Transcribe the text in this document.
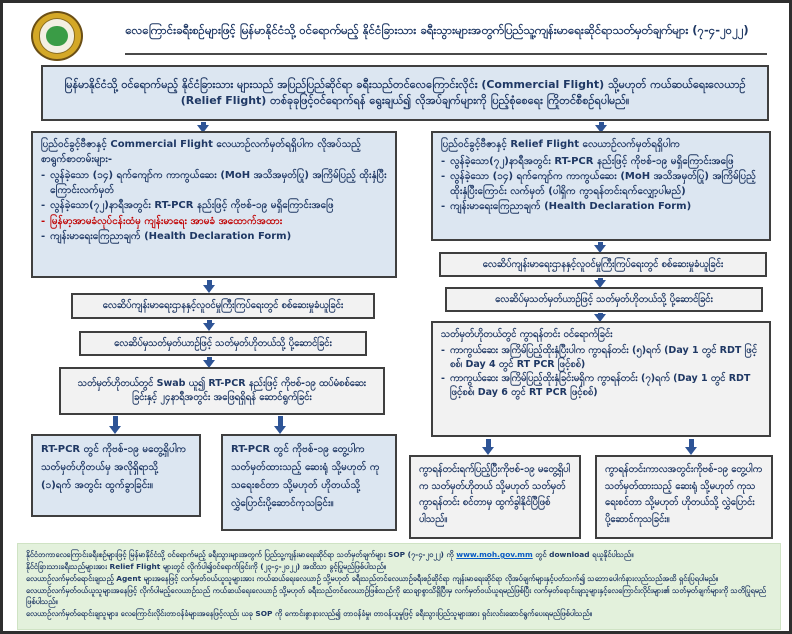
လေကြောင်းခရီးစဉ်များဖြင့် မြန်မာနိုင်ငံသို့ ဝင်ရောက်မည့် နိုင်ငံခြားသား ခရီးသွားများအတွက်ပြည်သူ့ကျန်းမာရေးဆိုင်ရာသတ်မှတ်ချက်များ (၇-၄-၂၀၂၂)
မြန်မာနိုင်ငံသို့ ဝင်ရောက်မည့် နိုင်ငံခြားသား များသည် အပြည်ပြည်ဆိုင်ရာ ခရီးသည်တင်လေကြောင်းလိုင်း (Commercial Flight) သို့မဟုတ် ကယ်ဆယ်ရေးလေယာဉ် (Relief Flight) တစ်ခုခုဖြင့်ဝင်ရောက်ရန် ရွေးချယ်၍ လိုအပ်ချက်များကို ပြည့်စုံစေရေး ကြိုတင်စီစဉ်ရပါမည်။
ပြည်ဝင်ခွင့်ဗီဇာနှင့် Commercial Flight လေယာဉ်လက်မှတ်ရရှိပါက လိုအပ်သည့် စာရွက်စာတမ်းများ-
- လွန်ခဲ့သော (၁၄) ရက်ကျော်က ကာကွယ်ဆေး (MoH အသိအမှတ်ပြု) အကြိမ်ပြည့် ထိုးနှံပြီးကြောင်းလက်မှတ်
- လွန်ခဲ့သော(၇၂)နာရီအတွင်း RT-PCR နည်းဖြင့် ကိုဗစ်-၁၉ မရှိကြောင်းအဖြေ
- မြန်မာ့အာမခံလုပ်ငန်းထံမှ ကျန်းမာရေး အာမခံ အထောက်အထား
- ကျန်းမာရေးကြေညာချက် (Health Declaration Form)
လေဆိပ်ကျန်းမာရေးဌာနနှင့်လူဝင်မှုကြီးကြပ်ရေးတွင် စစ်ဆေးမှုခံယူခြင်း
လေဆိပ်မှသတ်မှတ်ယာဉ်ဖြင့် သတ်မှတ်ဟိုတယ်သို့ ပို့ဆောင်ခြင်း
သတ်မှတ်ဟိုတယ်တွင် Swab ယူ၍ RT-PCR နည်းဖြင့် ကိုဗစ်-၁၉ ထပ်မံစစ်ဆေးခြင်းနှင့် ၂၄နာရီအတွင်း အဖြေရရှိရန် ဆောင်ရွက်ခြင်း
RT-PCR တွင် ကိုဗစ်-၁၉ မတွေ့ရှိပါက သတ်မှတ်ဟိုတယ်မှ အလိုရှိရာသို့ (၁)ရက် အတွင်း ထွက်ခွာခြင်း။
RT-PCR တွင် ကိုဗစ်-၁၉ တွေ့ပါက သတ်မှတ်ထားသည့် ဆေးရုံ သို့မဟုတ် ကုသရေးစင်တာ သို့မဟုတ် ဟိုတယ်သို့ လွှဲပြောင်းပို့ဆောင်ကုသခြင်း။
ပြည်ဝင်ခွင့်ဗီဇာနှင့် Relief Flight လေယာဉ်လက်မှတ်ရရှိပါက
- လွန်ခဲ့သော(၇၂)နာရီအတွင်း RT-PCR နည်းဖြင့် ကိုဗစ်-၁၉ မရှိကြောင်းအဖြေ
- လွန်ခဲ့သော (၁၄) ရက်ကျော်က ကာကွယ်ဆေး (MoH အသိအမှတ်ပြု) အကြိမ်ပြည့် ထိုးနှံပြီးကြောင်း လက်မှတ် (ပါရှိက ကွာရန်တင်းရက်လျှော့ပါမည်)
- ကျန်းမာရေးကြေညာချက် (Health Declaration Form)
လေဆိပ်ကျန်းမာရေးဌာနနှင့်လူဝင်မှုကြီးကြပ်ရေးတွင် စစ်ဆေးမှုခံယူခြင်း
လေဆိပ်မှသတ်မှတ်ယာဉ်ဖြင့် သတ်မှတ်ဟိုတယ်သို့ ပို့ဆောင်ခြင်း
သတ်မှတ်ဟိုတယ်တွင် ကွာရန်တင်း ဝင်ရောက်ခြင်း
- ကာကွယ်ဆေး အကြိမ်ပြည့်ထိုးနှံပြီးပါက ကွာရန်တင်း (၅)ရက် (Day 1 တွင် RDT ဖြင့်စစ်၊ Day 4 တွင် RT PCR ဖြင့်စစ်)
- ကာကွယ်ဆေး အကြိမ်ပြည့်ထိုးနှံခြင်းမရှိက ကွာရန်တင်း (၇)ရက် (Day 1 တွင် RDT ဖြင့်စစ်၊ Day 6 တွင် RT PCR ဖြင့်စစ်)
ကွာရန်တင်းရက်ပြည့်ပြီးကိုဗစ်-၁၉ မတွေ့ရှိပါက သတ်မှတ်ဟိုတယ် သို့မဟုတ် သတ်မှတ်ကွာရန်တင်း စင်တာမှ ထွက်ခွါနိုင်ပြီဖြစ်ပါသည်။
ကွာရန်တင်းကာလအတွင်းကိုဗစ်-၁၉ တွေ့ပါက သတ်မှတ်ထားသည့် ဆေးရုံ သို့မဟုတ် ကုသရေးစင်တာ သို့မဟုတ် ဟိုတယ်သို့ လွှဲပြောင်းပို့ဆောင်ကုသခြင်း။
နိုင်ငံတကာလေကြောင်းခရီးစဉ်များဖြင့် မြန်မာနိုင်ငံသို့ ဝင်ရောက်မည့် ခရီးသွားများအတွက် ပြည်သူ့ကျန်းမာရေးဆိုင်ရာ သတ်မှတ်ချက်များ SOP (၇-၄-၂၀၂၂) ကို www.moh.gov.mm တွင် download ရယူနိုင်ပါသည်။
နိုင်ငံခြားသားခရီးသည်များအား Relief Flight များတွင် လိုက်ပါ၍ဝင်ရောက်ခြင်းကို (၂၃-၄-၂၀၂၂) အထိသာ ခွင့်ပြုမည်ဖြစ်ပါသည်။
လေယာဉ်လက်မှတ်ရောင်းချသည့် Agent များအနေဖြင့် လက်မှတ်ဝယ်ယူသူများအား ကယ်ဆယ်ရေးလေယာဉ် သို့မဟုတ် ခရီးသည်တင်လေယာဉ်ခရီးစဉ်ဆိုင်ရာ ကျန်းမာရေးဆိုင်ရာ လိုအပ်ချက်များနှင့်ပတ်သက်၍ သဘောပေါက်နားလည်သည်အထိ ရှင်းပြရပါမည်။
လေယာဉ်လက်မှတ်ဝယ်ယူသူများအနေဖြင့် လိုက်ပါမည့်လေယာဉ်သည် ကယ်ဆယ်ရေးလေယာဉ် သို့မဟုတ် ခရီးသည်တင်လေယာဉ်ဖြစ်သည်ကို သေချာစွာသိရှိပြီးမှ လက်မှတ်ဝယ်ယူရမည်ဖြစ်ပြီး လက်မှတ်ရောင်းချသူများနှင့်လေကြောင်းလိုင်းများ၏ သတ်မှတ်ချက်များကို သတိပြုရမည်ဖြစ်ပါသည်။
လေယာဉ်လက်မှတ်ရောင်းချသူများ၊ လေကြောင်းလိုင်းတာဝန်ခံများအနေဖြင့်လည်း ယခု SOP ကို ကောင်းစွာနားလည်၍ တာဝန်ခံမှု၊ တာဝန်ယူမှုဖြင့် ခရီးသွားပြည်သူများအား ရှင်းလင်းဆောင်ရွက်ပေးရမည်ဖြစ်ပါသည်။
